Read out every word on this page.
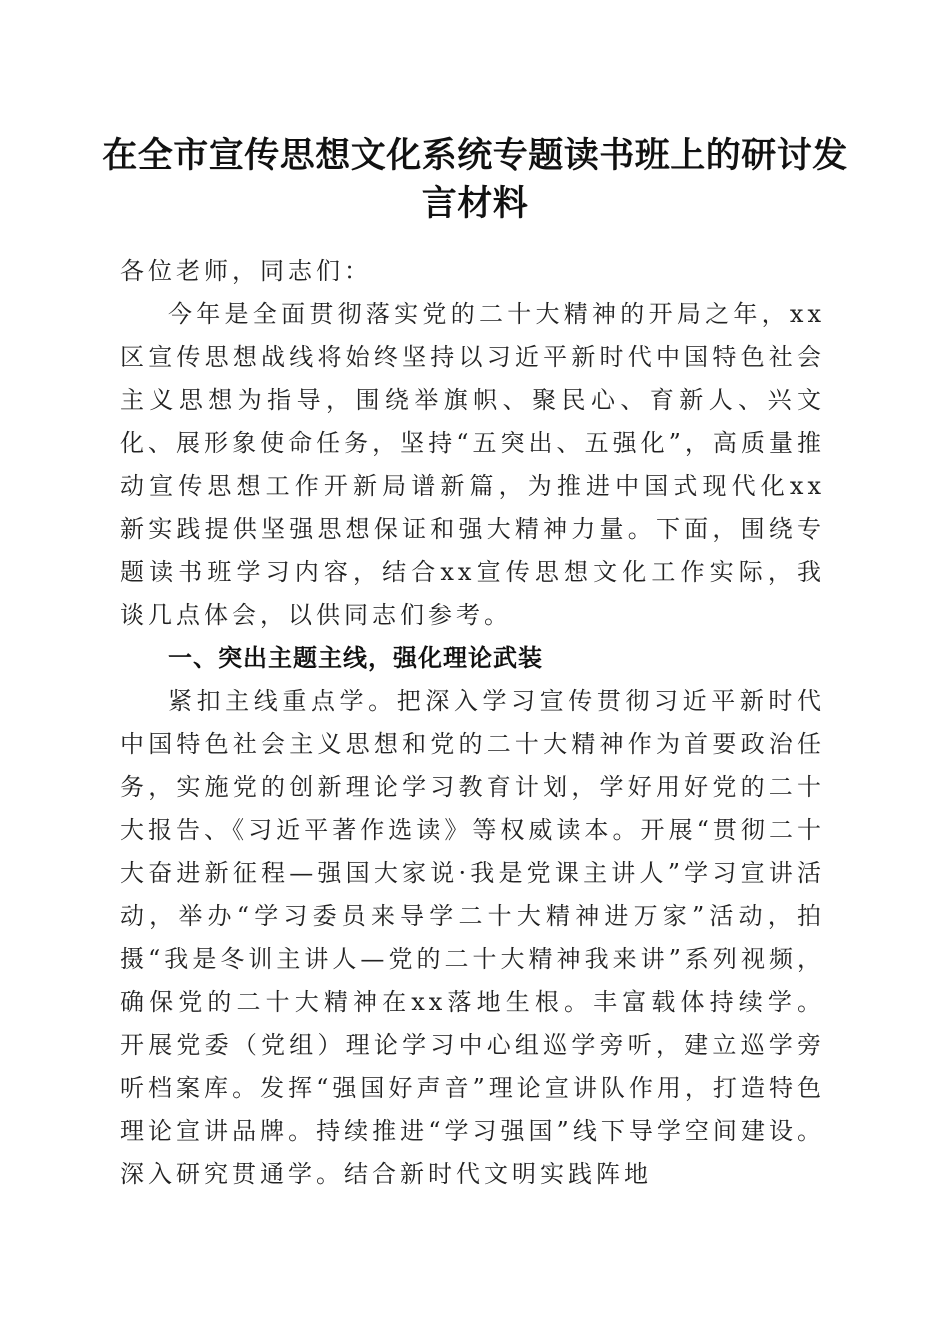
在全市宣传思想文化系统专题读书班上的研讨发言材料

各位老师，同志们：

今年是全面贯彻落实党的二十大精神的开局之年，xx区宣传思想战线将始终坚持以习近平新时代中国特色社会主义思想为指导，围绕举旗帜、聚民心、育新人、兴文化、展形象使命任务，坚持“五突出、五强化”，高质量推动宣传思想工作开新局谱新篇，为推进中国式现代化xx新实践提供坚强思想保证和强大精神力量。下面，围绕专题读书班学习内容，结合xx宣传思想文化工作实际，我谈几点体会，以供同志们参考。

一、突出主题主线，强化理论武装

紧扣主线重点学。把深入学习宣传贯彻习近平新时代中国特色社会主义思想和党的二十大精神作为首要政治任务，实施党的创新理论学习教育计划，学好用好党的二十大报告、《习近平著作选读》等权威读本。开展“贯彻二十大奋进新征程—强国大家说·我是党课主讲人”学习宣讲活动，举办“学习委员来导学二十大精神进万家”活动，拍摄“我是冬训主讲人—党的二十大精神我来讲”系列视频，确保党的二十大精神在xx落地生根。丰富载体持续学。开展党委（党组）理论学习中心组巡学旁听，建立巡学旁听档案库。发挥“强国好声音”理论宣讲队作用，打造特色理论宣讲品牌。持续推进“学习强国”线下导学空间建设。深入研究贯通学。结合新时代文明实践阵地
